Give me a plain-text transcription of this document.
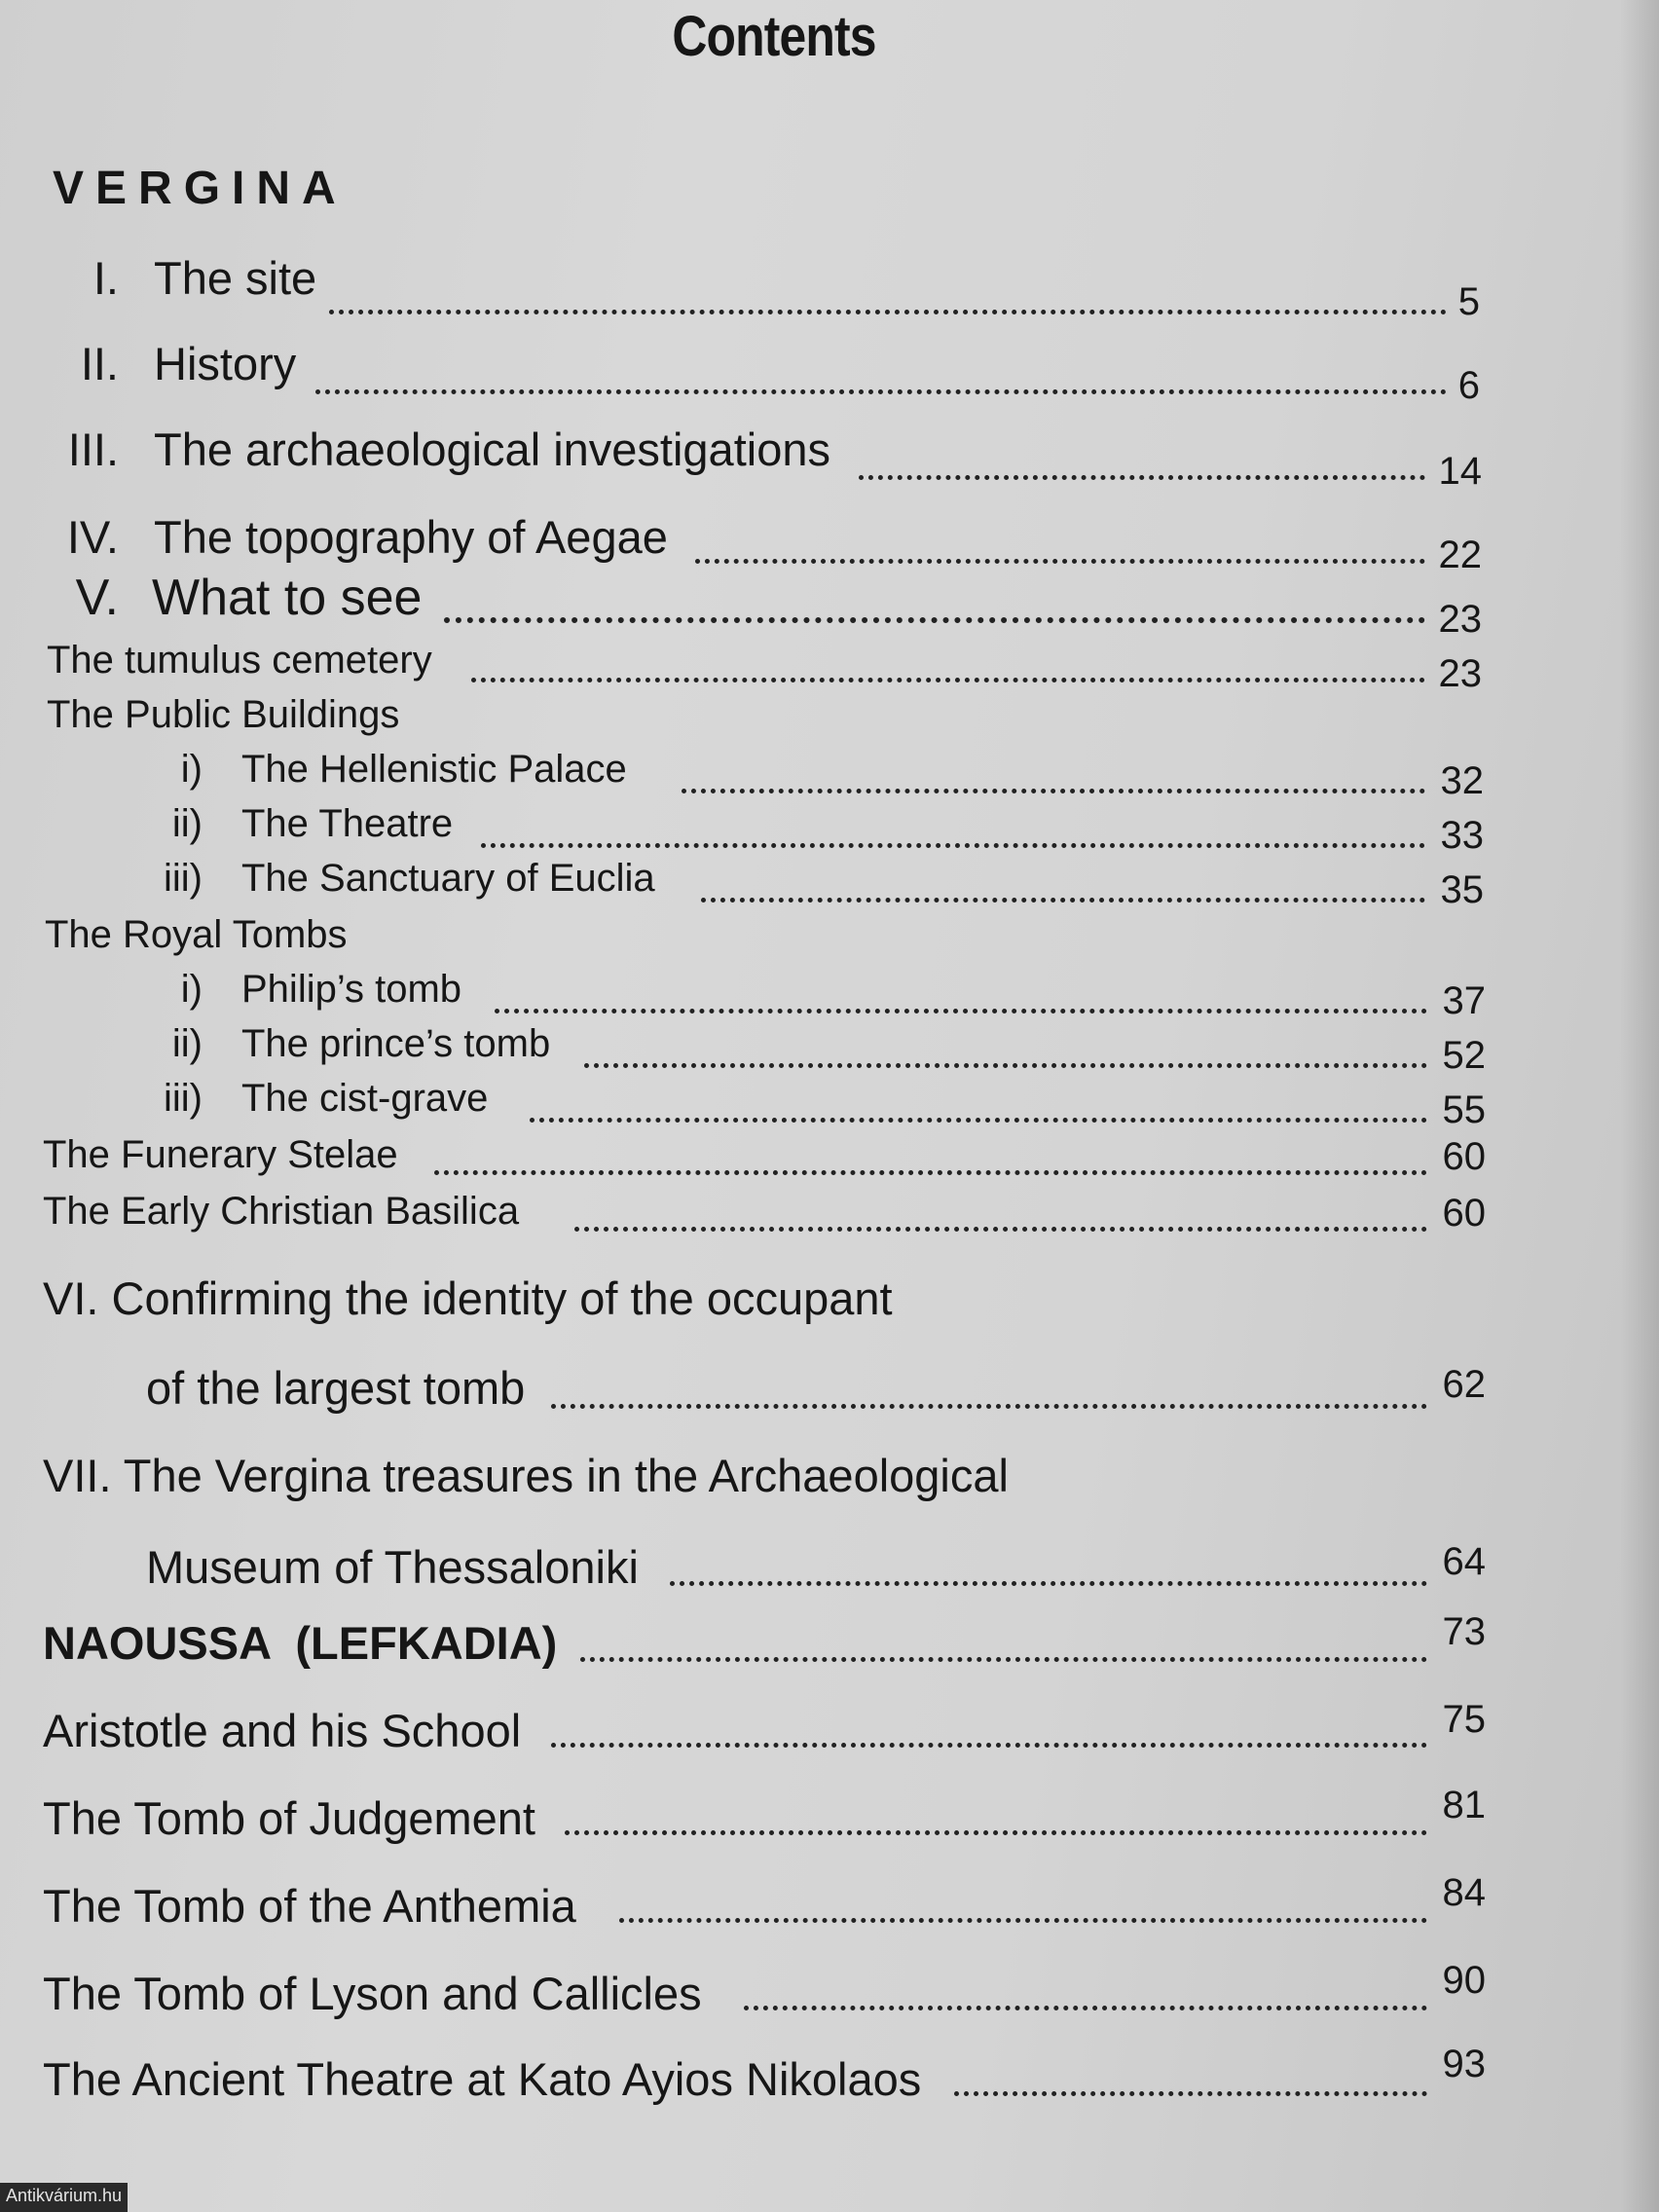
Contents
VERGINA
I. The site	5
II. History	6
III. The archaeological investigations	14
IV. The topography of Aegae	22
V. What to see	23
The tumulus cemetery	23
The Public Buildings
i) The Hellenistic Palace	32
ii) The Theatre	33
iii) The Sanctuary of Euclia	35
The Royal Tombs
i) Philip’s tomb	37
ii) The prince’s tomb	52
iii) The cist-grave	55
The Funerary Stelae	60
The Early Christian Basilica	60
VI. Confirming the identity of the occupant
of the largest tomb	62
VII. The Vergina treasures in the Archaeological
Museum of Thessaloniki	64
NAOUSSA  (LEFKADIA)	73
Aristotle and his School	75
The Tomb of Judgement	81
The Tomb of the Anthemia	84
The Tomb of Lyson and Callicles	90
The Ancient Theatre at Kato Ayios Nikolaos	93
Antikvárium.hu
